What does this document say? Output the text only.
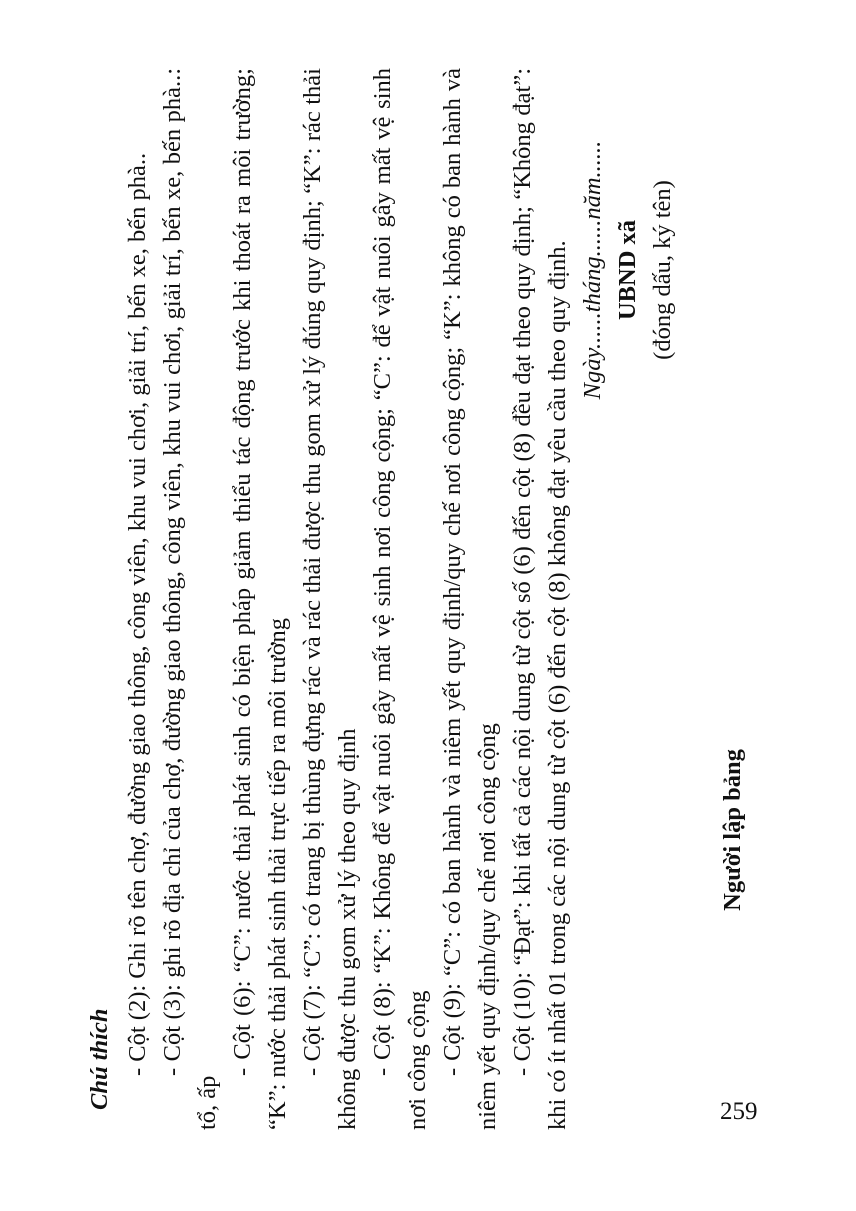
Chú thích - Cột (2): Ghi rõ tên chợ, đường giao thông, công viên, khu vui chơi, giải trí, bến xe, bến phà.. - Cột (3): ghi rõ địa chỉ của chợ, đường giao thông, công viên, khu vui chơi, giải trí, bến xe, bến phà..: tổ, ấp

- Cột (6): “C”: nước thải phát sinh có biện pháp giảm thiểu tác động trước khi thoát ra môi trường; “K”: nước thải phát sinh thải trực tiếp ra môi trường - Cột (7): “C”: có trang bị thùng đựng rác và rác thải được thu gom xử lý đúng quy định; “K”: rác thải không được thu gom xử lý theo quy định - Cột (8): “K”: Không để vật nuôi gây mất vệ sinh nơi công cộng; “C”: để vật nuôi gây mất vệ sinh nơi công cộng - Cột (9): “C”: có ban hành và niêm yết quy định/quy chế nơi công cộng; “K”: không có ban hành và niêm yết quy định/quy chế nơi công cộng - Cột (10): “Đạt”: khi tất cả các nội dung từ cột số (6) đến cột (8) đều đạt theo quy định; “Không đạt”: khi có ít nhất 01 trong các nội dung từ cột (6) đến cột (8) không đạt yêu cầu theo quy định.	Người lập bảng
Ngày......tháng......năm...... UBND xã (đóng dấu, ký tên)
259
